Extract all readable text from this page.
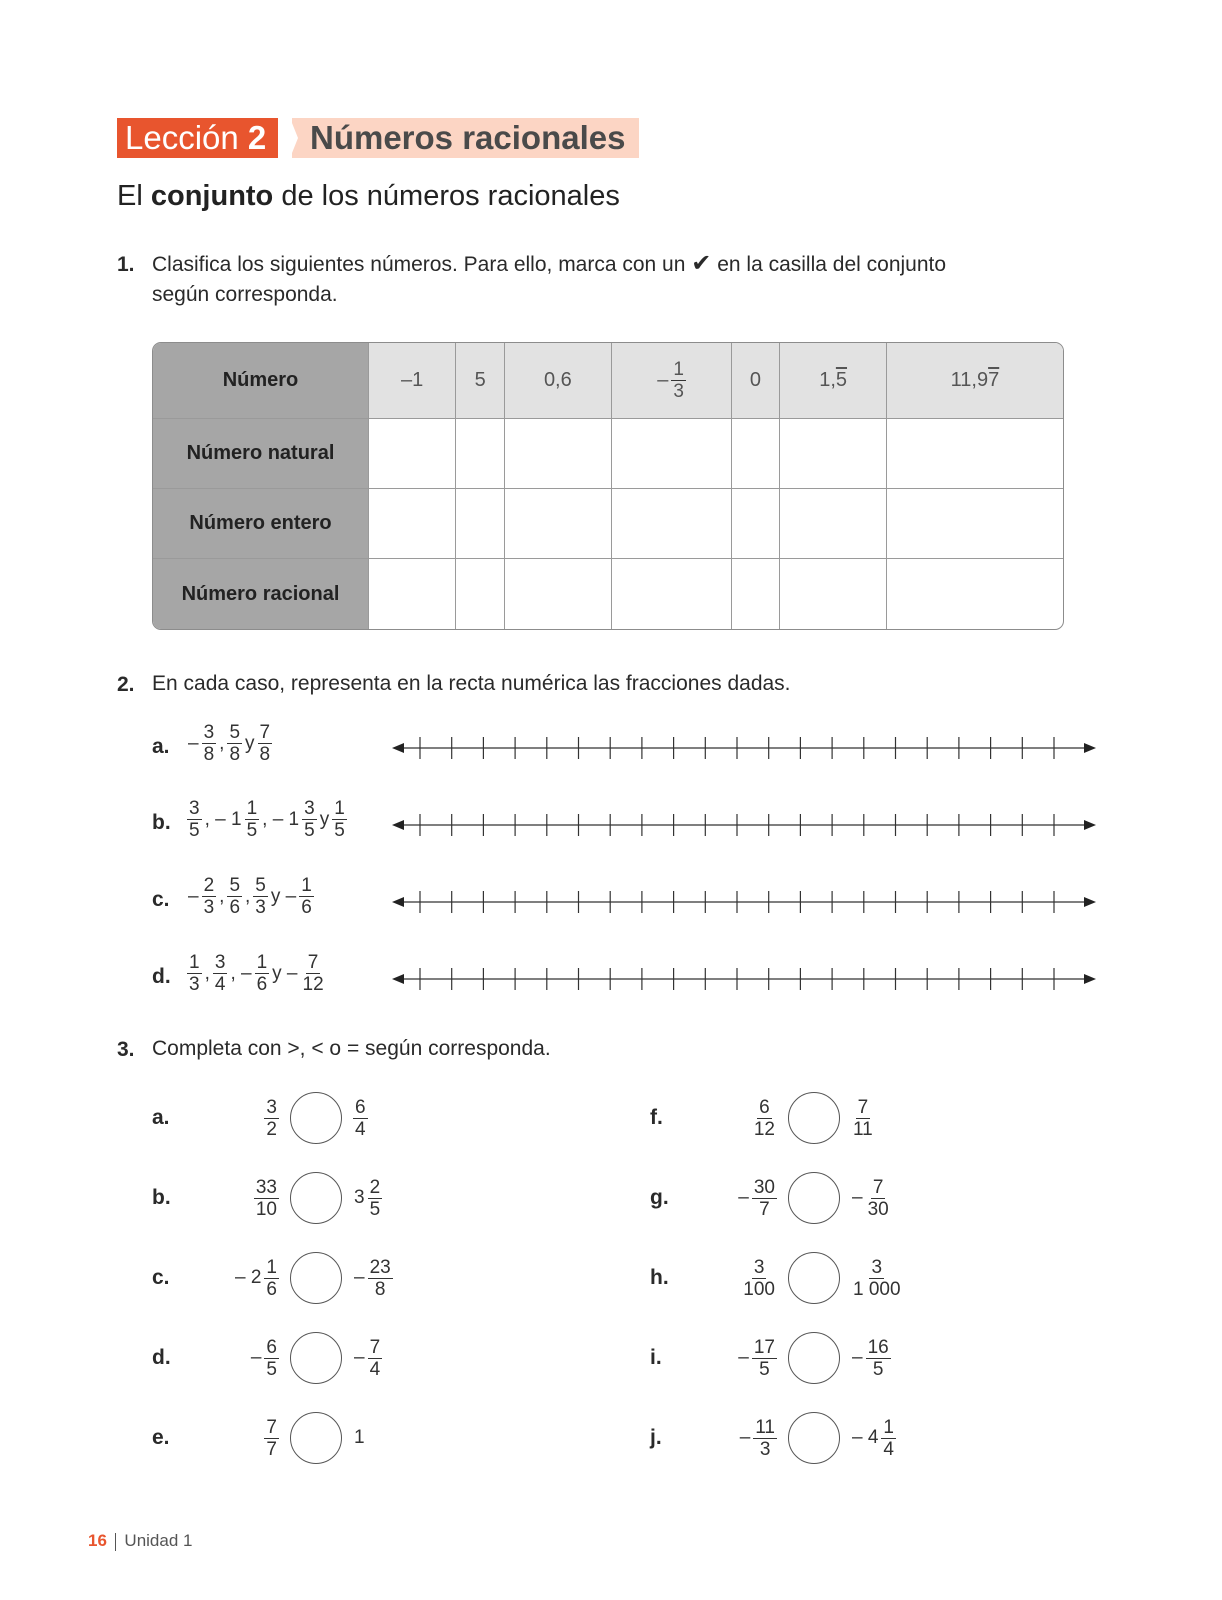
Lección 2	Números racionales
El conjunto de los números racionales
1. Clasifica los siguientes números. Para ello, marca con un ✔ en la casilla del conjunto
según corresponda.
Número	–1	5	0,6	– $\frac{1}{3}$	0	1,5	11,97
Número natural							
Número entero							
Número racional							
2. En cada caso, representa en la recta numérica las fracciones dadas.
a. – $\frac{3}{8}$ , $\frac{5}{8}$ y $\frac{7}{8}$
b. $\frac{3}{5}$ , – $1 \frac{1}{5}$ , – $1 \frac{3}{5}$ y $\frac{1}{5}$
c. – $\frac{2}{3}$ , $\frac{5}{6}$ , $\frac{5}{3}$ y – $\frac{1}{6}$
d. $\frac{1}{3}$ , $\frac{3}{4}$ , – $\frac{1}{6}$ y – $\frac{7}{12}$
3. Completa con >, < o = según corresponda.
a.	$\frac{3}{2}$	$\frac{6}{4}$
b.	$\frac{33}{10}$	$3 \frac{2}{5}$
c.	– $2 \frac{1}{6}$	– $\frac{23}{8}$
d.	– $\frac{6}{5}$	– $\frac{7}{4}$
e.	$\frac{7}{7}$	1
f.	$\frac{6}{12}$	$\frac{7}{11}$
g.	– $\frac{30}{7}$	– $\frac{7}{30}$
h.	$\frac{3}{100}$	$\frac{3}{1 000}$
i.	– $\frac{17}{5}$	– $\frac{16}{5}$
j.	– $\frac{11}{3}$	– $4 \frac{1}{4}$
16 Unidad 1
